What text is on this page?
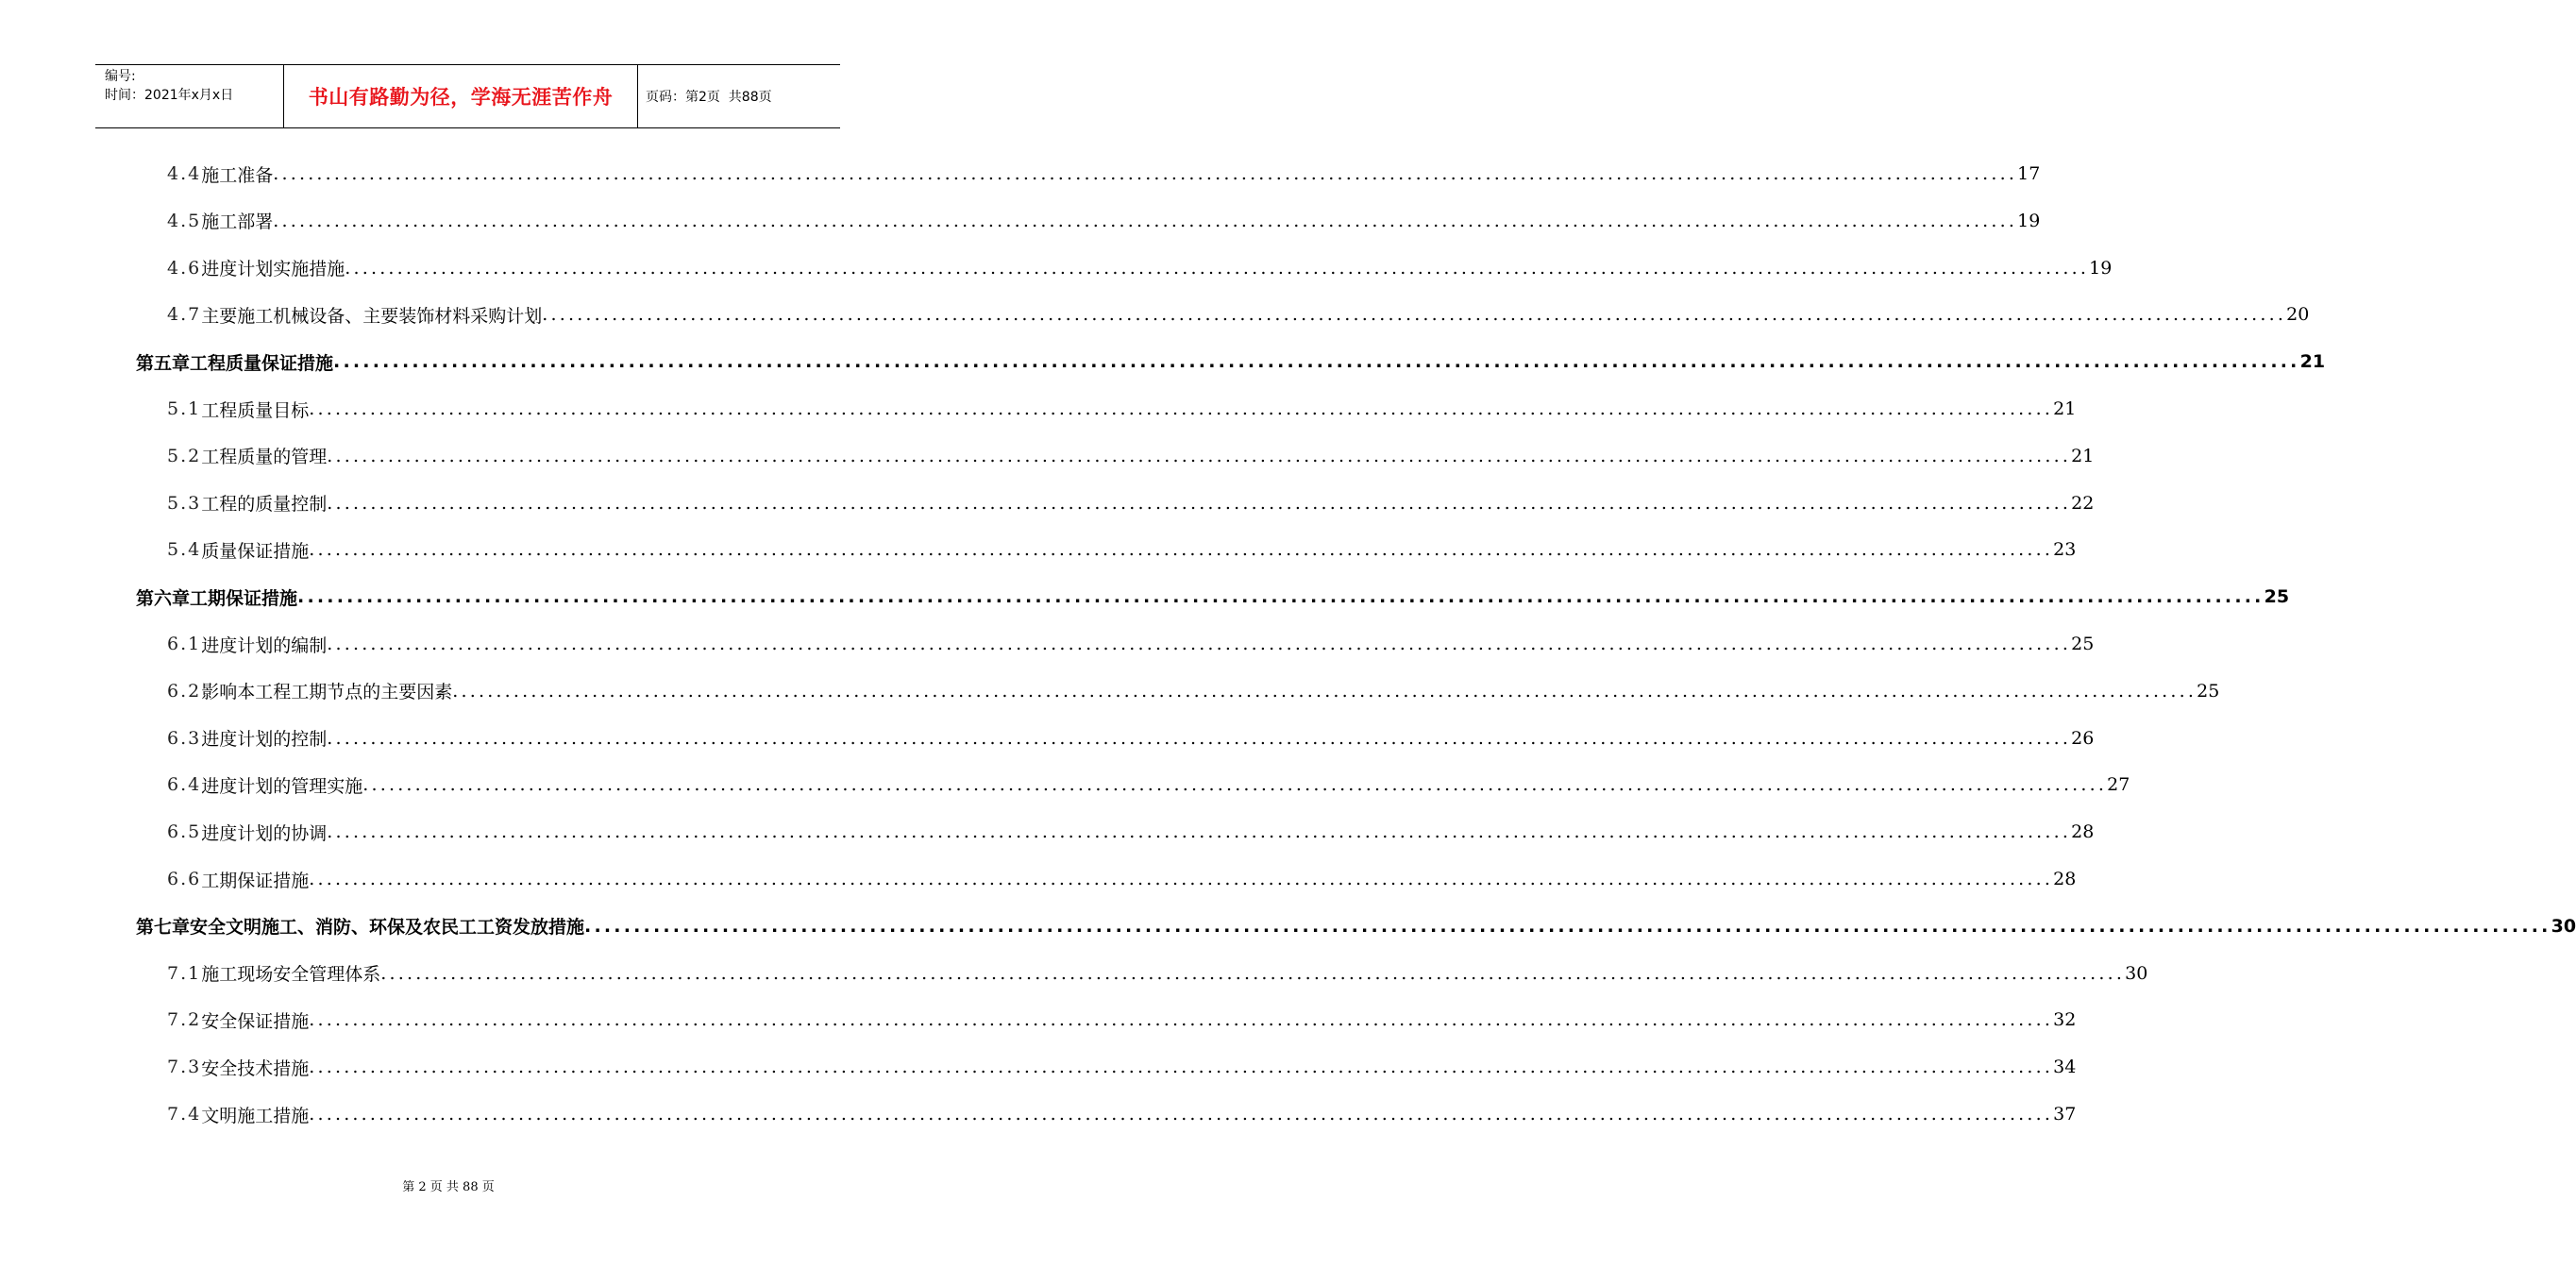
编号:
时间：2021年x月x日	书山有路勤为径，学海无涯苦作舟	页码：第2页  共88页
4.4 施工准备 ........................................................................................................................................................................................................ 17
4.5 施工部署 ........................................................................................................................................................................................................ 19
4.6 进度计划实施措施 ........................................................................................................................................................................................................ 19
4.7 主要施工机械设备、主要装饰材料采购计划 ........................................................................................................................................................................................................ 20
第五章 工程质量保证措施 ........................................................................................................................................................................................................ 21
5.1 工程质量目标 ........................................................................................................................................................................................................ 21
5.2 工程质量的管理 ........................................................................................................................................................................................................ 21
5.3 工程的质量控制 ........................................................................................................................................................................................................ 22
5.4 质量保证措施 ........................................................................................................................................................................................................ 23
第六章 工期保证措施 ........................................................................................................................................................................................................ 25
6.1 进度计划的编制 ........................................................................................................................................................................................................ 25
6.2 影响本工程工期节点的主要因素 ........................................................................................................................................................................................................ 25
6.3 进度计划的控制 ........................................................................................................................................................................................................ 26
6.4 进度计划的管理实施 ........................................................................................................................................................................................................ 27
6.5 进度计划的协调 ........................................................................................................................................................................................................ 28
6.6 工期保证措施 ........................................................................................................................................................................................................ 28
第七章 安全文明施工、消防、环保及农民工工资发放措施 ........................................................................................................................................................................................................ 30
7.1 施工现场安全管理体系 ........................................................................................................................................................................................................ 30
7.2 安全保证措施 ........................................................................................................................................................................................................ 32
7.3 安全技术措施 ........................................................................................................................................................................................................ 34
7.4 文明施工措施 ........................................................................................................................................................................................................ 37
第 2 页 共 88 页
